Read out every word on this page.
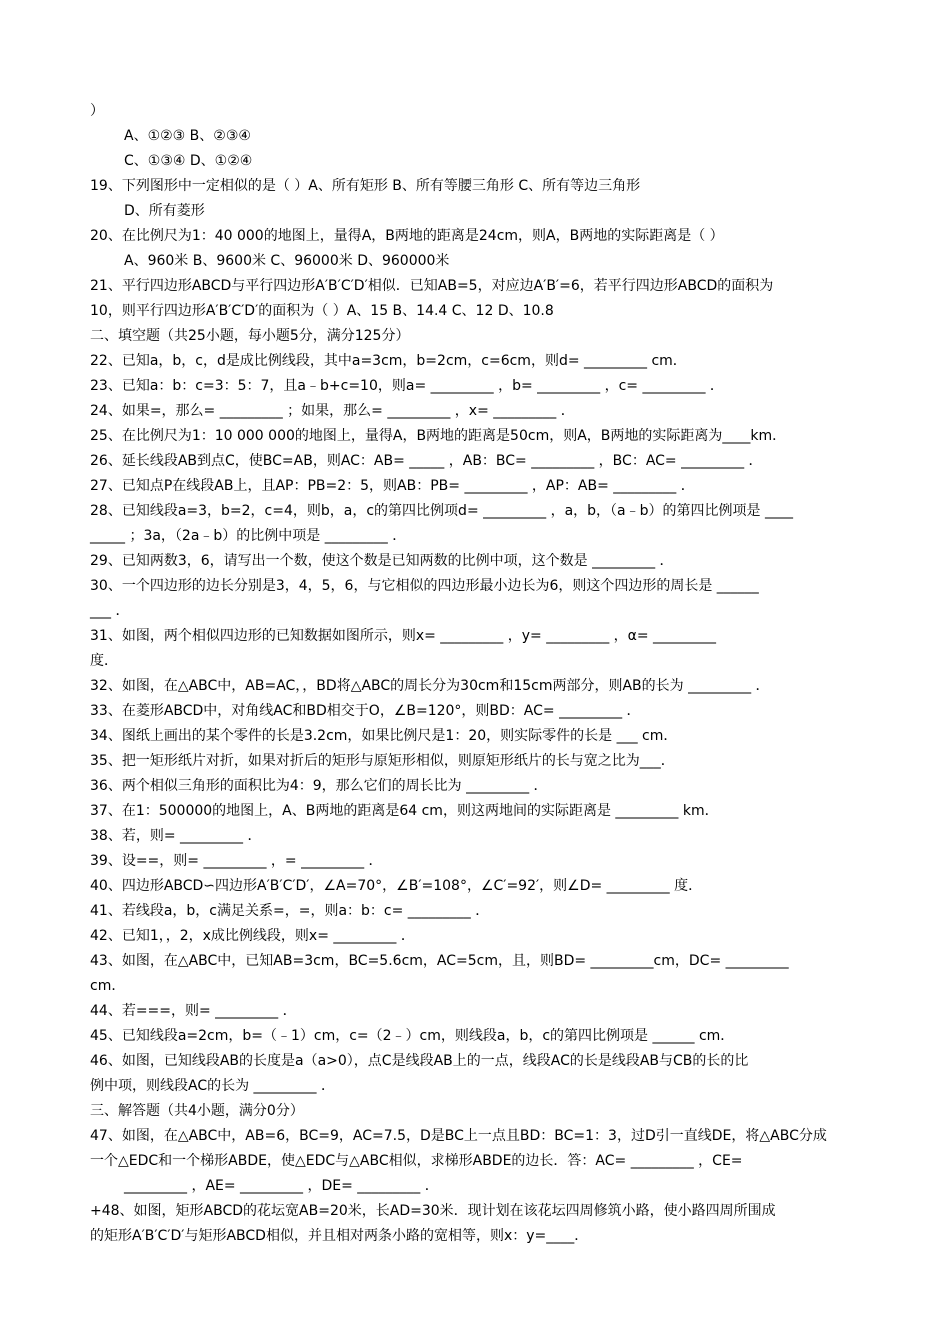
）
A、①②③ B、②③④
C、①③④ D、①②④
19、下列图形中一定相似的是（ ）A、所有矩形 B、所有等腰三角形 C、所有等边三角形
D、所有菱形
20、在比例尺为1：40 000的地图上，量得A，B两地的距离是24cm，则A，B两地的实际距离是（ ）
A、960米 B、9600米 C、96000米 D、960000米
21、平行四边形ABCD与平行四边形A′B′C′D′相似．已知AB=5，对应边A′B′=6，若平行四边形ABCD的面积为
10，则平行四边形A′B′C′D′的面积为（ ）A、15 B、14.4 C、12 D、10.8
二、填空题（共25小题，每小题5分，满分125分）
22、已知a，b，c，d是成比例线段，其中a=3cm，b=2cm，c=6cm，则d= _________ cm．
23、已知a：b：c=3：5：7，且a﹣b+c=10，则a= _________ ，b= _________ ，c= _________ ．
24、如果=，那么= _________ ；如果，那么= _________ ，x= _________ ．
25、在比例尺为1：10 000 000的地图上，量得A，B两地的距离是50cm，则A，B两地的实际距离为____km．
26、延长线段AB到点C，使BC=AB，则AC：AB= _____ ，AB：BC= _________ ，BC：AC= _________ ．
27、已知点P在线段AB上，且AP：PB=2：5，则AB：PB= _________ ，AP：AB= _________ ．
28、已知线段a=3，b=2，c=4，则b，a，c的第四比例项d= _________ ，a，b，（a﹣b）的第四比例项是 ____
_____ ；3a，（2a﹣b）的比例中项是 _________ ．
29、已知两数3，6，请写出一个数，使这个数是已知两数的比例中项，这个数是 _________ ．
30、一个四边形的边长分别是3，4，5，6，与它相似的四边形最小边长为6，则这个四边形的周长是 ______
___ ．
31、如图，两个相似四边形的已知数据如图所示，则x= _________ ，y= _________ ，α= _________
度．
32、如图，在△ABC中，AB=AC，，BD将△ABC的周长分为30cm和15cm两部分，则AB的长为 _________ ．
33、在菱形ABCD中，对角线AC和BD相交于O，∠B=120°，则BD：AC= _________ ．
34、图纸上画出的某个零件的长是3.2cm，如果比例尺是1：20，则实际零件的长是 ___ cm．
35、把一矩形纸片对折，如果对折后的矩形与原矩形相似，则原矩形纸片的长与宽之比为___．
36、两个相似三角形的面积比为4：9，那么它们的周长比为 _________ ．
37、在1：500000的地图上，A、B两地的距离是64 cm，则这两地间的实际距离是 _________ km．
38、若，则= _________ ．
39、设==，则= _________ ，= _________ ．
40、四边形ABCD∽四边形A′B′C′D′，∠A=70°，∠B′=108°，∠C′=92′，则∠D= _________ 度．
41、若线段a，b，c满足关系=，=，则a：b：c= _________ ．
42、已知1，，2，x成比例线段，则x= _________ ．
43、如图，在△ABC中，已知AB=3cm，BC=5.6cm，AC=5cm，且，则BD= _________cm，DC= _________
cm．
44、若===，则= _________ ．
45、已知线段a=2cm，b=（﹣1）cm，c=（2﹣）cm，则线段a，b，c的第四比例项是 ______ cm．
46、如图，已知线段AB的长度是a（a>0），点C是线段AB上的一点，线段AC的长是线段AB与CB的长的比
例中项，则线段AC的长为 _________ ．
三、解答题（共4小题，满分0分）
47、如图，在△ABC中，AB=6，BC=9，AC=7.5，D是BC上一点且BD：BC=1：3，过D引一直线DE，将△ABC分成
一个△EDC和一个梯形ABDE，使△EDC与△ABC相似，求梯形ABDE的边长．答：AC= _________ ，CE=
_________ ，AE= _________ ，DE= _________ ．
+48、如图，矩形ABCD的花坛宽AB=20米，长AD=30米．现计划在该花坛四周修筑小路，使小路四周所围成
的矩形A′B′C′D′与矩形ABCD相似，并且相对两条小路的宽相等，则x：y=____．
